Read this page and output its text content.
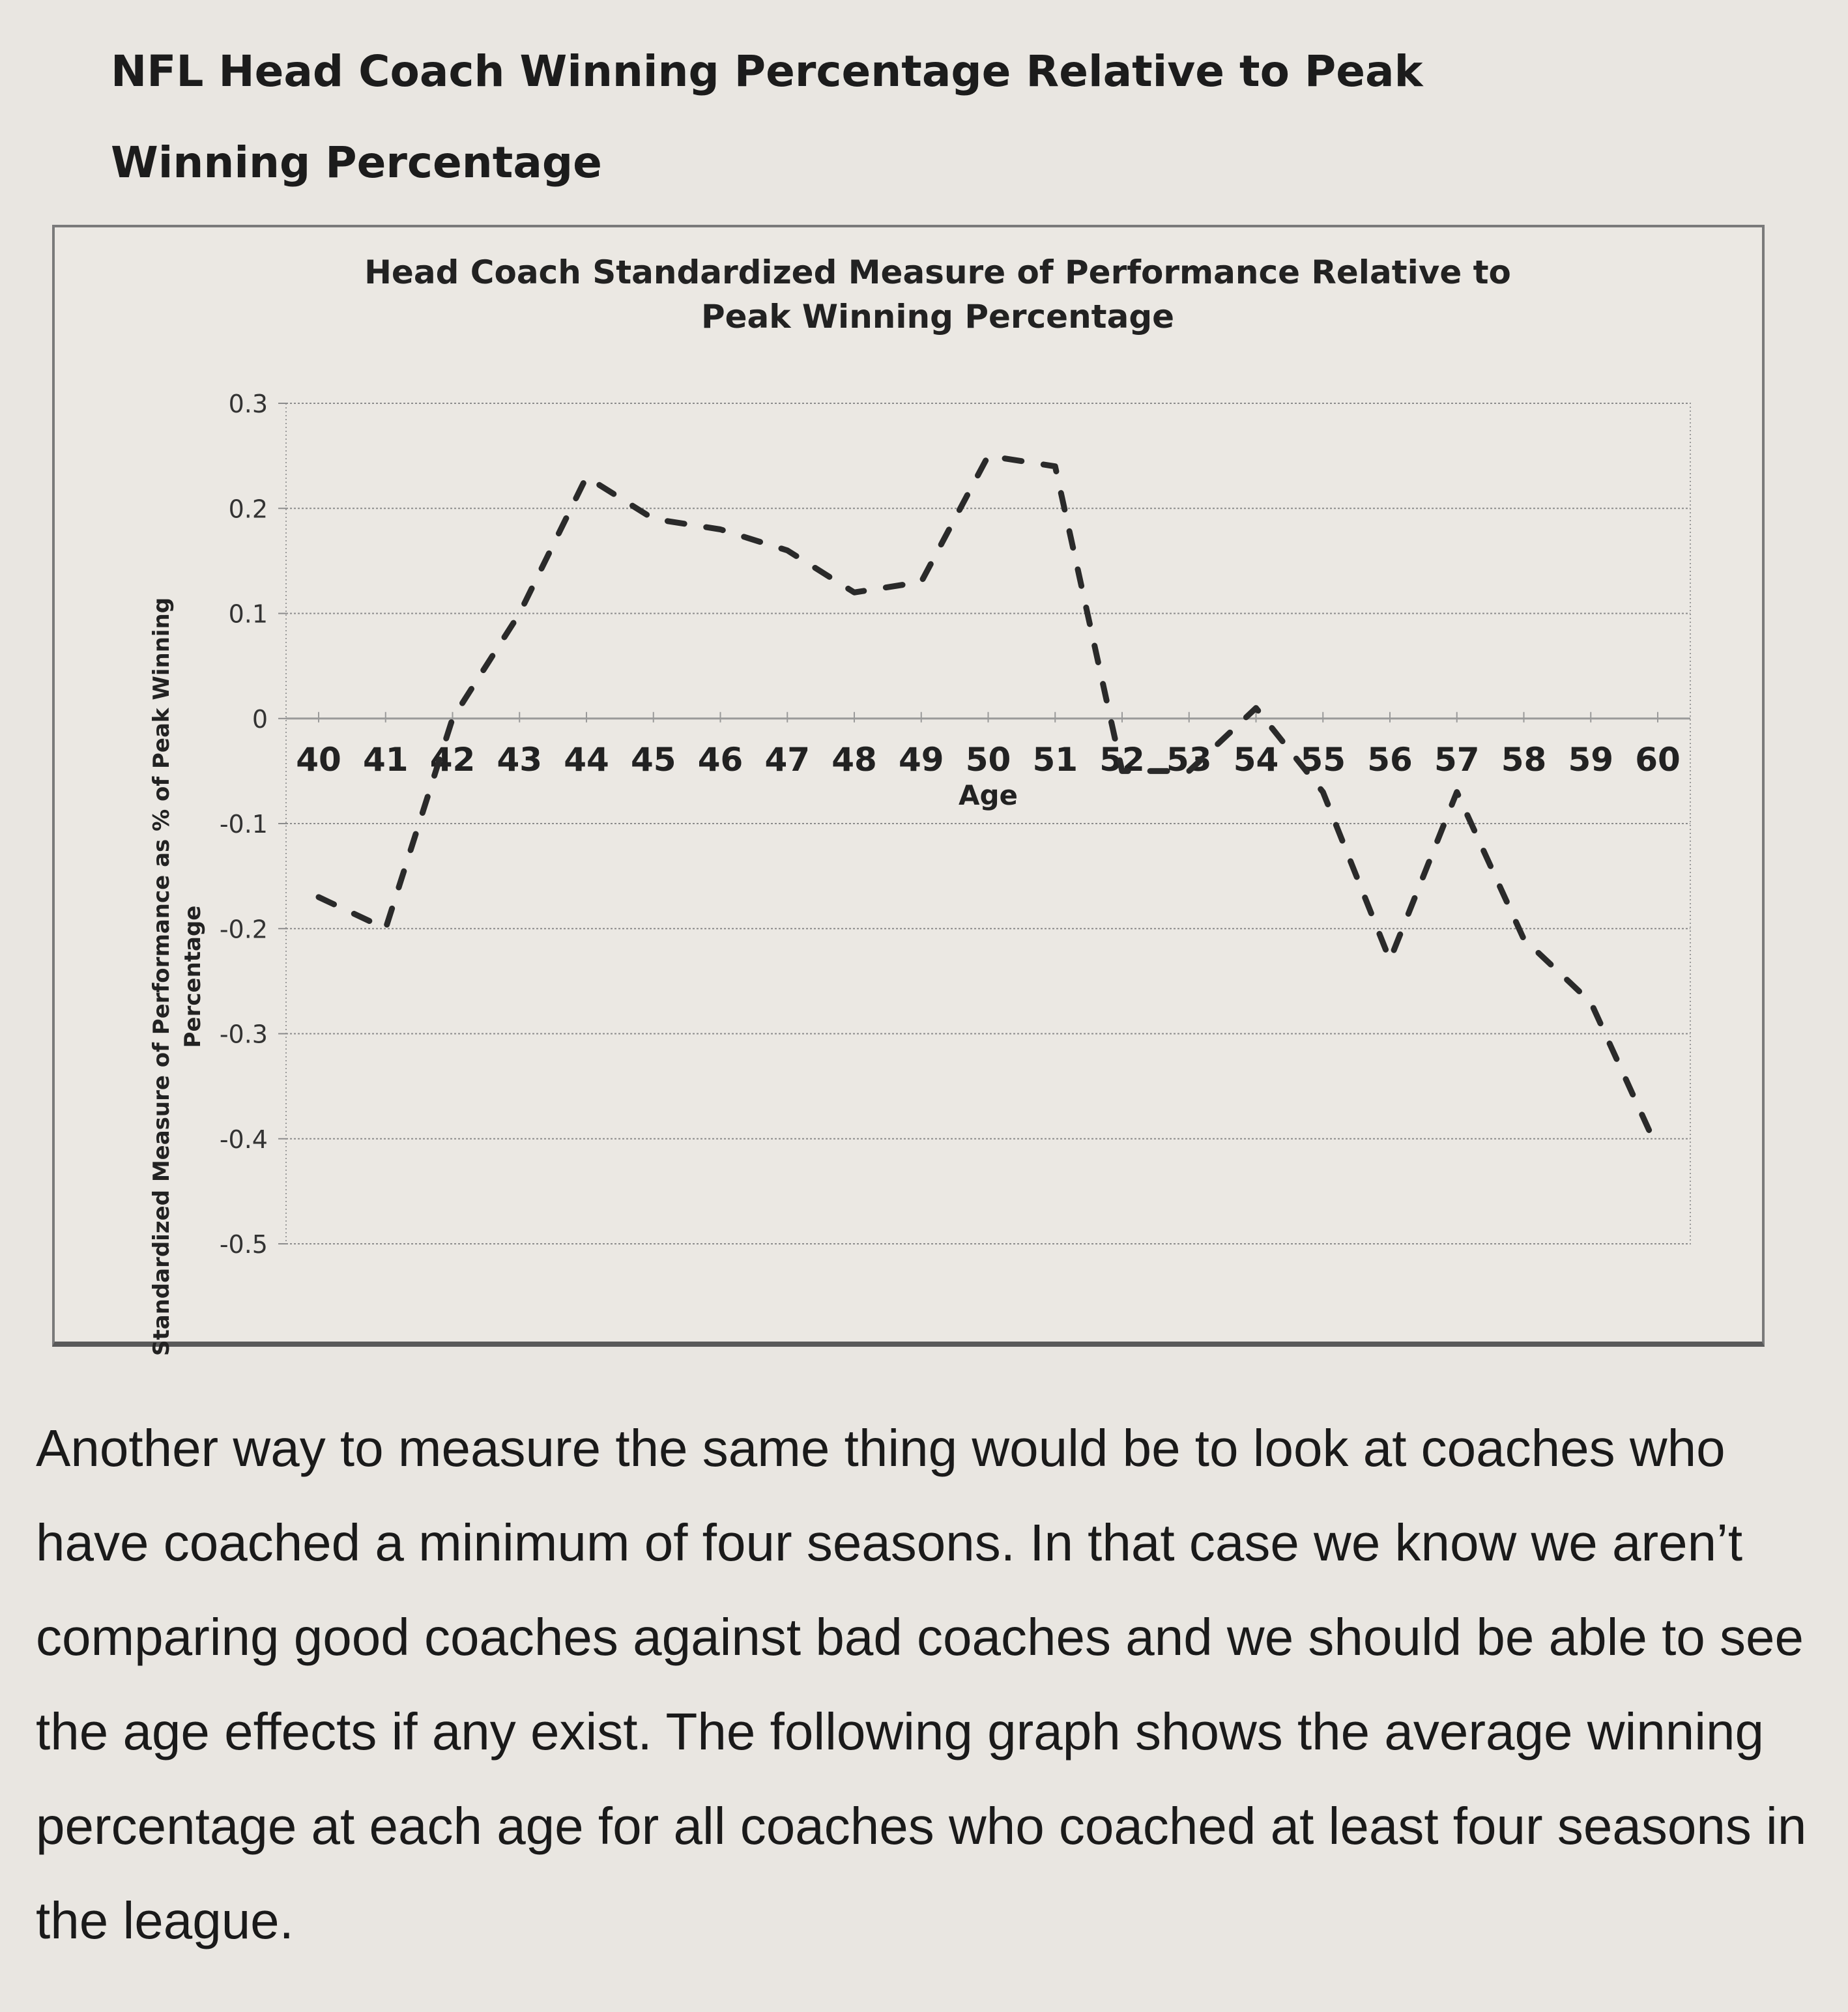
NFL Head Coach Winning Percentage Relative to Peak Winning Percentage
Head Coach Standardized Measure of Performance Relative to Peak Winning Percentage
Standardized Measure of Performance as % of Peak Winning Percentage
0.3
0.2
0.1
0
-0.1
-0.2
-0.3
-0.4
-0.5
40 41 42 43 44 45 46 47 48 49 50 51 52 53 54 55 56 57 58 59 60
Age

Another way to measure the same thing would be to look at coaches who have coached a minimum of four seasons. In that case we know we aren’t comparing good coaches against bad coaches and we should be able to see the age effects if any exist. The following graph shows the average winning percentage at each age for all coaches who coached at least four seasons in the league.
